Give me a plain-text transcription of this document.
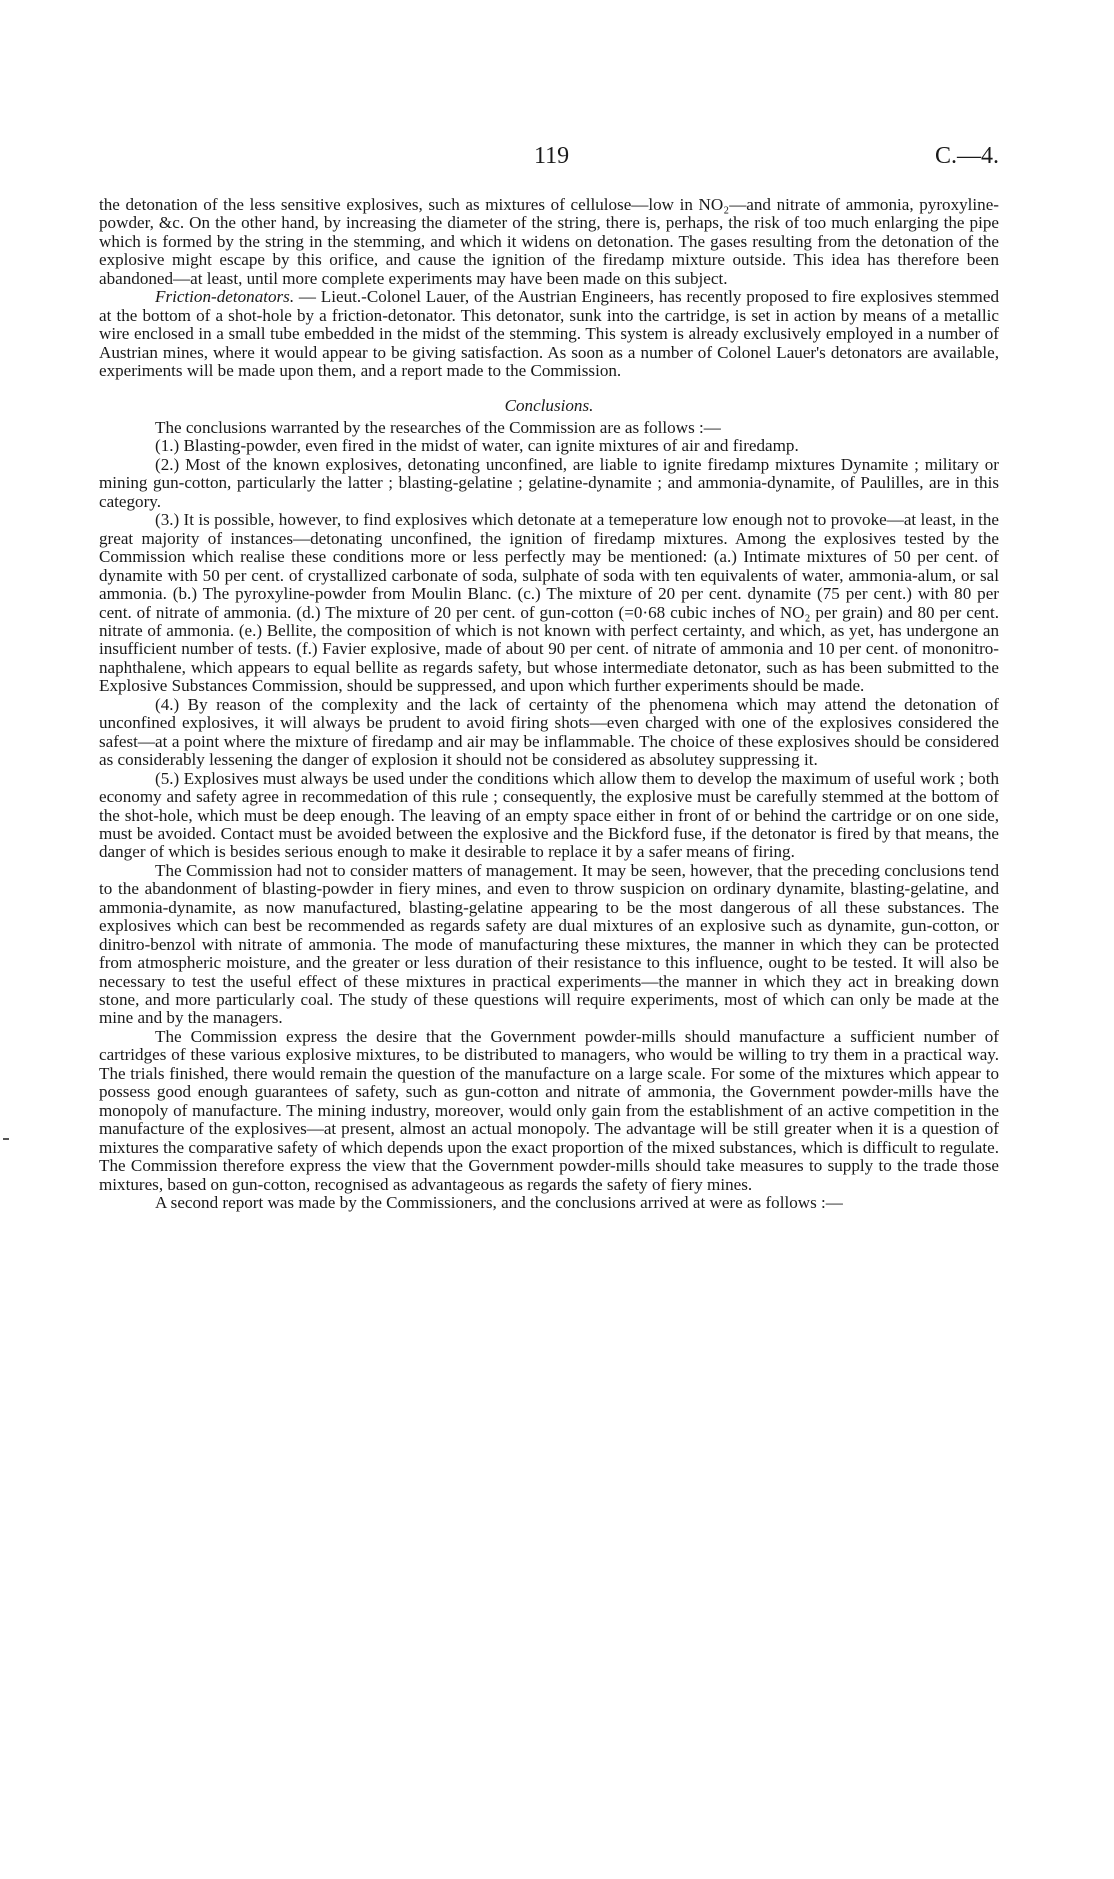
119	C.—4.

the detonation of the less sensitive explosives, such as mixtures of cellulose—low in NO₂—and nitrate of ammonia, pyroxyline-powder, &c. On the other hand, by increasing the diameter of the string, there is, perhaps, the risk of too much enlarging the pipe which is formed by the string in the stemming, and which it widens on detonation. The gases resulting from the detonation of the explosive might escape by this orifice, and cause the ignition of the firedamp mixture outside. This idea has therefore been abandoned—at least, until more complete experiments may have been made on this subject.

Friction-detonators. — Lieut.-Colonel Lauer, of the Austrian Engineers, has recently proposed to fire explosives stemmed at the bottom of a shot-hole by a friction-detonator. This detonator, sunk into the cartridge, is set in action by means of a metallic wire enclosed in a small tube embedded in the midst of the stemming. This system is already exclusively employed in a number of Austrian mines, where it would appear to be giving satisfaction. As soon as a number of Colonel Lauer's detonators are available, experiments will be made upon them, and a report made to the Commission.

Conclusions.

The conclusions warranted by the researches of the Commission are as follows :—

(1.) Blasting-powder, even fired in the midst of water, can ignite mixtures of air and firedamp.

(2.) Most of the known explosives, detonating unconfined, are liable to ignite firedamp mixtures Dynamite ; military or mining gun-cotton, particularly the latter ; blasting-gelatine ; gelatine-dynamite ; and ammonia-dynamite, of Paulilles, are in this category.

(3.) It is possible, however, to find explosives which detonate at a temeperature low enough not to provoke—at least, in the great majority of instances—detonating unconfined, the ignition of firedamp mixtures. Among the explosives tested by the Commission which realise these conditions more or less perfectly may be mentioned: (a.) Intimate mixtures of 50 per cent. of dynamite with 50 per cent. of crystallized carbonate of soda, sulphate of soda with ten equivalents of water, ammonia-alum, or sal ammonia. (b.) The pyroxyline-powder from Moulin Blanc. (c.) The mixture of 20 per cent. dynamite (75 per cent.) with 80 per cent. of nitrate of ammonia. (d.) The mixture of 20 per cent. of gun-cotton (=0·68 cubic inches of NO₂ per grain) and 80 per cent. nitrate of ammonia. (e.) Bellite, the composition of which is not known with perfect certainty, and which, as yet, has undergone an insufficient number of tests. (f.) Favier explosive, made of about 90 per cent. of nitrate of ammonia and 10 per cent. of mononitro-naphthalene, which appears to equal bellite as regards safety, but whose intermediate detonator, such as has been submitted to the Explosive Substances Commission, should be suppressed, and upon which further experiments should be made.

(4.) By reason of the complexity and the lack of certainty of the phenomena which may attend the detonation of unconfined explosives, it will always be prudent to avoid firing shots—even charged with one of the explosives considered the safest—at a point where the mixture of firedamp and air may be inflammable. The choice of these explosives should be considered as considerably lessening the danger of explosion it should not be considered as absolutey suppressing it.

(5.) Explosives must always be used under the conditions which allow them to develop the maximum of useful work ; both economy and safety agree in recommedation of this rule ; consequently, the explosive must be carefully stemmed at the bottom of the shot-hole, which must be deep enough. The leaving of an empty space either in front of or behind the cartridge or on one side, must be avoided. Contact must be avoided between the explosive and the Bickford fuse, if the detonator is fired by that means, the danger of which is besides serious enough to make it desirable to replace it by a safer means of firing.

The Commission had not to consider matters of management. It may be seen, however, that the preceding conclusions tend to the abandonment of blasting-powder in fiery mines, and even to throw suspicion on ordinary dynamite, blasting-gelatine, and ammonia-dynamite, as now manufactured, blasting-gelatine appearing to be the most dangerous of all these substances. The explosives which can best be recommended as regards safety are dual mixtures of an explosive such as dynamite, gun-cotton, or dinitro-benzol with nitrate of ammonia. The mode of manufacturing these mixtures, the manner in which they can be protected from atmospheric moisture, and the greater or less duration of their resistance to this influence, ought to be tested. It will also be necessary to test the useful effect of these mixtures in practical experiments—the manner in which they act in breaking down stone, and more particularly coal. The study of these questions will require experiments, most of which can only be made at the mine and by the managers.

The Commission express the desire that the Government powder-mills should manufacture a sufficient number of cartridges of these various explosive mixtures, to be distributed to managers, who would be willing to try them in a practical way. The trials finished, there would remain the question of the manufacture on a large scale. For some of the mixtures which appear to possess good enough guarantees of safety, such as gun-cotton and nitrate of ammonia, the Government powder-mills have the monopoly of manufacture. The mining industry, moreover, would only gain from the establishment of an active competition in the manufacture of the explosives—at present, almost an actual monopoly. The advantage will be still greater when it is a question of mixtures the comparative safety of which depends upon the exact proportion of the mixed substances, which is difficult to regulate. The Commission therefore express the view that the Government powder-mills should take measures to supply to the trade those mixtures, based on gun-cotton, recognised as advantageous as regards the safety of fiery mines.

A second report was made by the Commissioners, and the conclusions arrived at were as follows :—
